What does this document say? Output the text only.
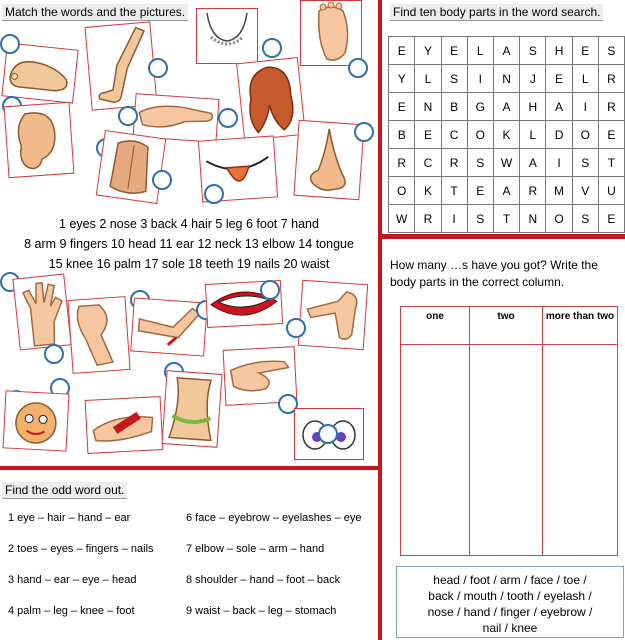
Match the words and the pictures.
1 eyes 2 nose 3 back 4 hair 5 leg 6 foot 7 hand
8 arm 9 fingers 10 head 11 ear 12 neck 13 elbow 14 tongue
15 knee 16 palm 17 sole 18 teeth 19 nails 20 waist
Find ten body parts in the word search.
E	Y	E	L	A	S	H	E	S
Y	L	S	I	N	J	E	L	R
E	N	B	G	A	H	A	I	R
B	E	C	O	K	L	D	O	E
R	C	R	S	W	A	I	S	T
O	K	T	E	A	R	M	V	U
W	R	I	S	T	N	O	S	E
How many …s have you got? Write the
body parts in the correct column.
one	two	more than two

Find the odd word out.
1 eye – hair – hand – ear
2 toes – eyes – fingers – nails
3 hand – ear – eye – head
4 palm – leg – knee – foot
6 face – eyebrow – eyelashes – eye
7 elbow – sole – arm – hand
8 shoulder – hand – foot – back
9 waist – back – leg – stomach
head / foot / arm / face / toe /
back / mouth / tooth / eyelash /
nose / hand / finger / eyebrow /
nail / knee
